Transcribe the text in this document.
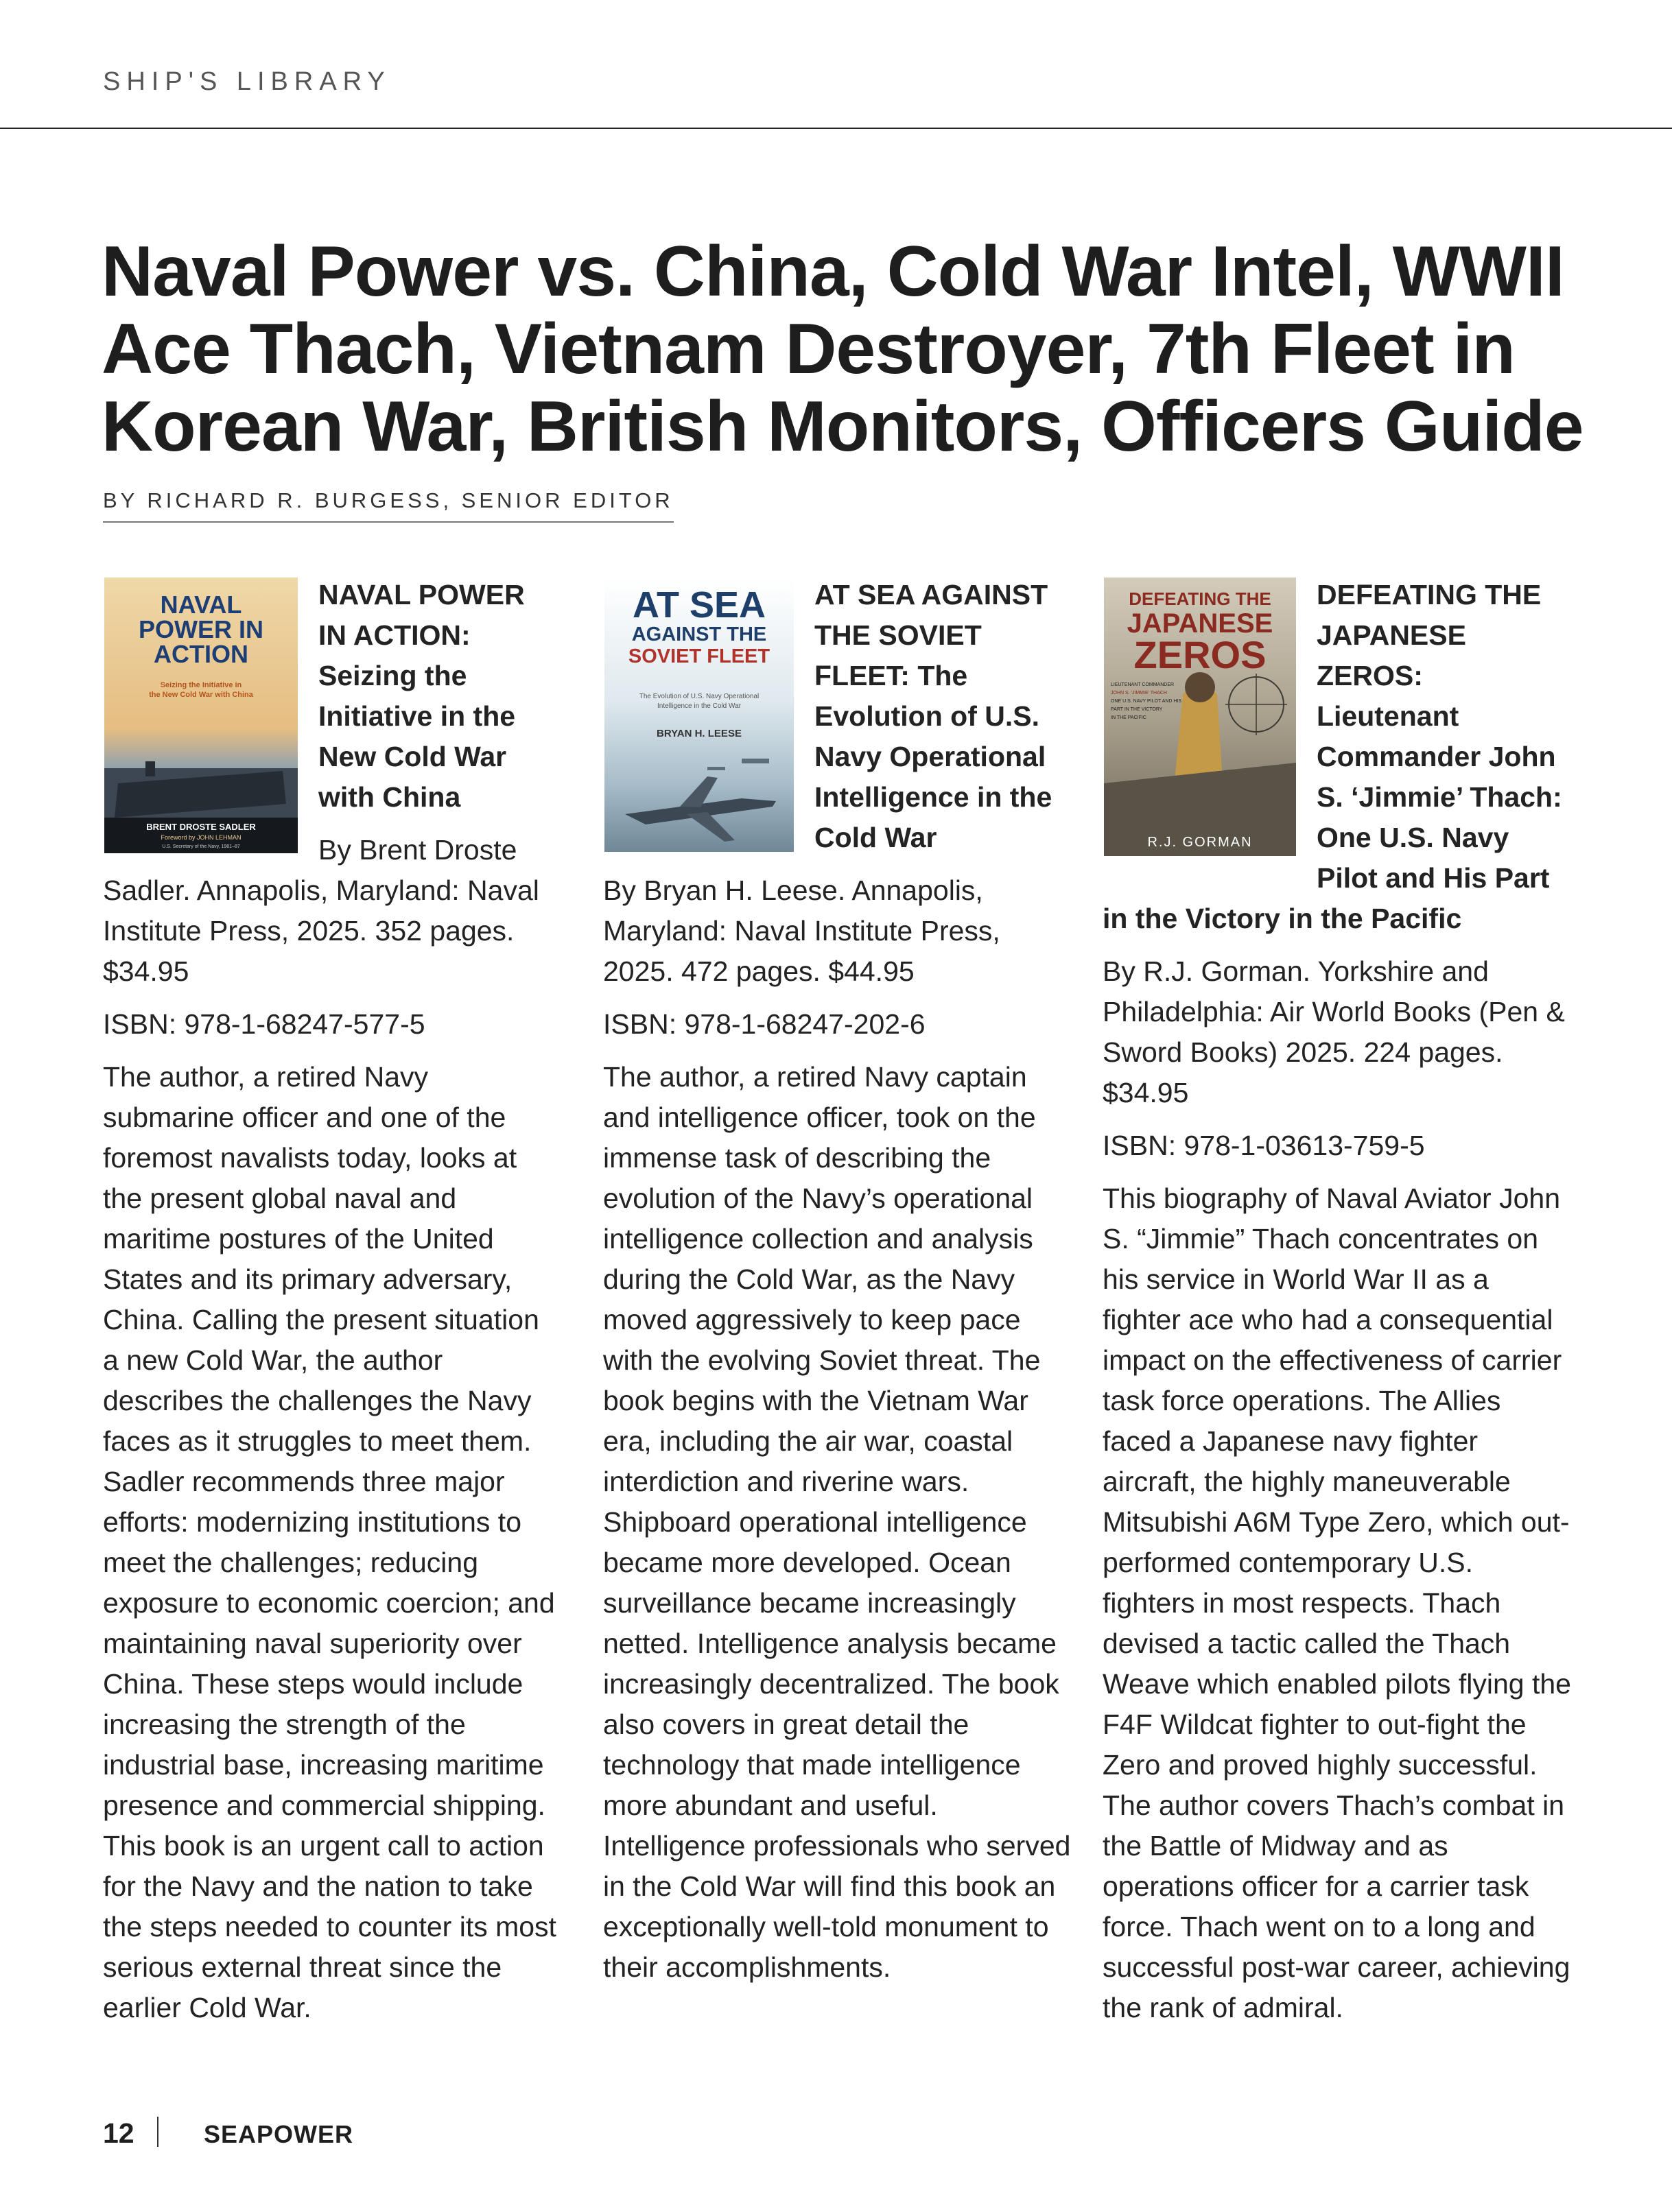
SHIP'S LIBRARY
Naval Power vs. China, Cold War Intel, WWII Ace Thach, Vietnam Destroyer, 7th Fleet in Korean War, British Monitors, Officers Guide
BY RICHARD R. BURGESS, SENIOR EDITOR
NAVAL
POWER IN
ACTION
Seizing the Initiative in
the New Cold War with China
BRENT DROSTE SADLER
Foreword by JOHN LEHMAN
U.S. Secretary of the Navy, 1981–87
NAVAL POWER IN ACTION: Seizing the Initiative in the New Cold War with China

By Brent Droste Sadler. Annapolis, Maryland: Naval Institute Press, 2025. 352 pages. $34.95

ISBN: 978-1-68247-577-5

The author, a retired Navy submarine officer and one of the foremost navalists today, looks at the present global naval and maritime postures of the United States and its primary adversary, China. Calling the present situation a new Cold War, the author describes the challenges the Navy faces as it struggles to meet them. Sadler recommends three major efforts: modernizing institutions to meet the challenges; reducing exposure to economic coercion; and maintaining naval superiority over China. These steps would include increasing the strength of the industrial base, increasing maritime presence and commercial shipping. This book is an urgent call to action for the Navy and the nation to take the steps needed to counter its most serious external threat since the earlier Cold War.

AT SEA
AGAINST THE
SOVIET FLEET
The Evolution of U.S. Navy Operational
Intelligence in the Cold War
BRYAN H. LEESE
AT SEA AGAINST THE SOVIET FLEET: The Evolution of U.S. Navy Operational Intelligence in the Cold War

By Bryan H. Leese. Annapolis, Maryland: Naval Institute Press, 2025. 472 pages. $44.95

ISBN: 978-1-68247-202-6

The author, a retired Navy captain and intelligence officer, took on the immense task of describing the evolution of the Navy’s operational intelligence collection and analysis during the Cold War, as the Navy moved aggressively to keep pace with the evolving Soviet threat. The book begins with the Vietnam War era, including the air war, coastal interdiction and riverine wars. Shipboard operational intelligence became more developed. Ocean surveillance became increasingly netted. Intelligence analysis became increasingly decentralized. The book also covers in great detail the technology that made intelligence more abundant and useful. Intelligence professionals who served in the Cold War will find this book an exceptionally well-told monument to their accomplishments.

DEFEATING THE
JAPANESE
ZEROS
LIEUTENANT COMMANDER
JOHN S. 'JIMMIE' THACH
ONE U.S. NAVY PILOT AND HIS
PART IN THE VICTORY
IN THE PACIFIC
R.J. GORMAN
DEFEATING THE JAPANESE ZEROS: Lieutenant Commander John S. ‘Jimmie’ Thach: One U.S. Navy Pilot and His Part in the Victory in the Pacific

By R.J. Gorman. Yorkshire and Philadelphia: Air World Books (Pen & Sword Books) 2025. 224 pages. $34.95

ISBN: 978-1-03613-759-5

This biography of Naval Aviator John S. “Jimmie” Thach concentrates on his service in World War II as a fighter ace who had a consequential impact on the effectiveness of carrier task force operations. The Allies faced a Japanese navy fighter aircraft, the highly maneuverable Mitsubishi A6M Type Zero, which out-performed contemporary U.S. fighters in most respects. Thach devised a tactic called the Thach Weave which enabled pilots flying the F4F Wildcat fighter to out-fight the Zero and proved highly successful. The author covers Thach’s combat in the Battle of Midway and as operations officer for a carrier task force. Thach went on to a long and successful post-war career, achieving the rank of admiral.

12	SEAPOWER
